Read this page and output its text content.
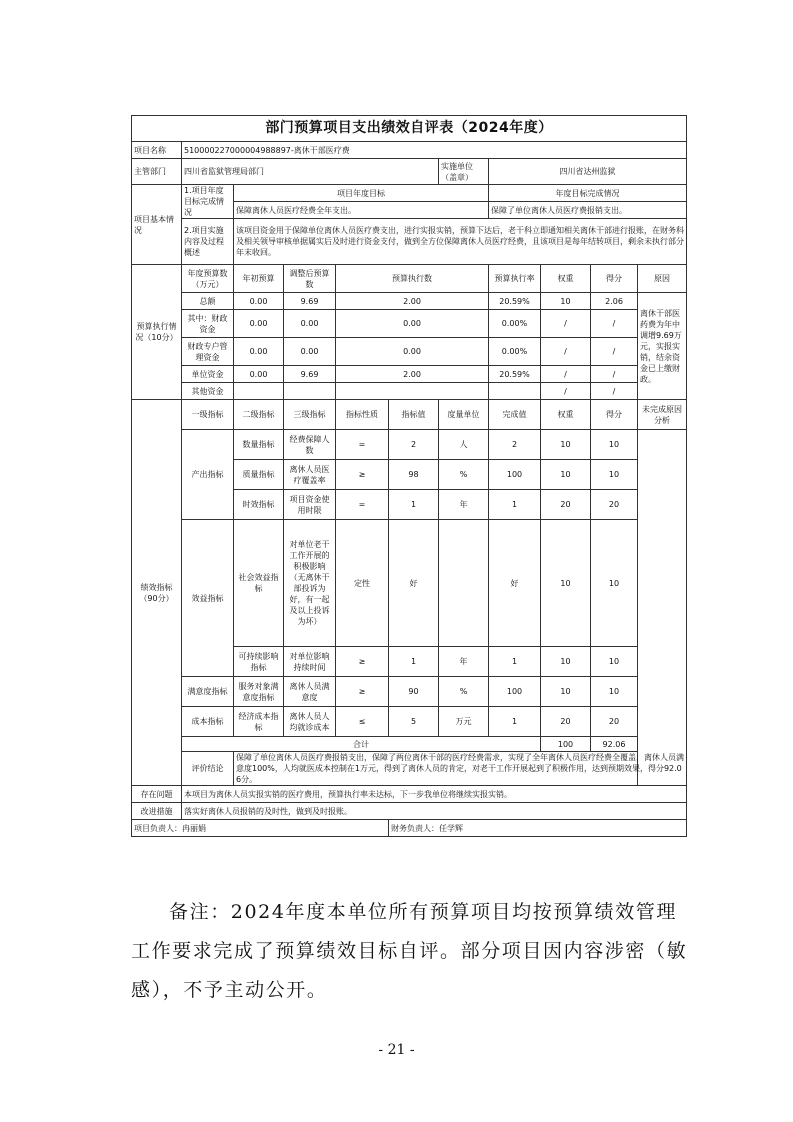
部门预算项目支出绩效自评表（2024年度）										
项目名称	510000227000004988897-离休干部医疗费									
主管部门	四川省监狱管理局部门					实施单位（盖章）	四川省达州监狱			
项目基本情况	1.项目年度目标完成情况	项目年度目标					年度目标完成情况			
		保障离休人员医疗经费全年支出。					保障了单位离休人员医疗费报销支出。			
	2.项目实施内容及过程概述	该项目资金用于保障单位离休人员医疗费支出，进行实报实销，预算下达后，老干科立即通知相关离休干部进行报账，在财务科及相关领导审核单据属实后及时进行资金支付，做到全方位保障离休人员医疗经费，且该项目是每年结转项目，剩余未执行部分年末收回。								
预算执行情况（10分）	年度预算数（万元）	年初预算	调整后预算数	预算执行数			预算执行率	权重	得分	原因
	总额	0.00	9.69	2.00			20.59%	10	2.06	离休干部医药费为年中调增9.69万元，实报实销，结余资金已上缴财政。
	其中：财政资金	0.00	0.00	0.00			0.00%	/	/	
	财政专户管理资金	0.00	0.00	0.00			0.00%	/	/	
	单位资金	0.00	9.69	2.00			20.59%	/	/	
	其他资金							/	/	
绩效指标（90分）	一级指标	二级指标	三级指标	指标性质	指标值	度量单位	完成值	权重	得分	未完成原因分析
	产出指标	数量指标	经费保障人数	=	2	人	2	10	10	
		质量指标	离休人员医疗覆盖率	≥	98	%	100	10	10	
		时效指标	项目资金使用时限	=	1	年	1	20	20	
	效益指标	社会效益指标	对单位老干工作开展的积极影响（无离休干部投诉为好，有一起及以上投诉为坏）	定性	好		好	10	10	
		可持续影响指标	对单位影响持续时间	≥	1	年	1	10	10	
	满意度指标	服务对象满意度指标	离休人员满意度	≥	90	%	100	10	10	
	成本指标	经济成本指标	离休人员人均就诊成本	≤	5	万元	1	20	20	
	合计							100	92.06	
	评价结论	保障了单位离休人员医疗费报销支出，保障了两位离休干部的医疗经费需求，实现了全年离休人员医疗经费全覆盖，离休人员满意度100%，人均就医成本控制在1万元，得到了离休人员的肯定，对老干工作开展起到了积极作用，达到预期效果，得分92.06分。								
存在问题	本项目为离休人员实报实销的医疗费用，预算执行率未达标，下一步我单位将继续实报实销。									
改进措施	落实好离休人员报销的及时性，做到及时报账。									
项目负责人：冉丽娟					财务负责人：任学辉					
备注：2024年度本单位所有预算项目均按预算绩效管理工作要求完成了预算绩效目标自评。部分项目因内容涉密（敏感），不予主动公开。
- 21 -
